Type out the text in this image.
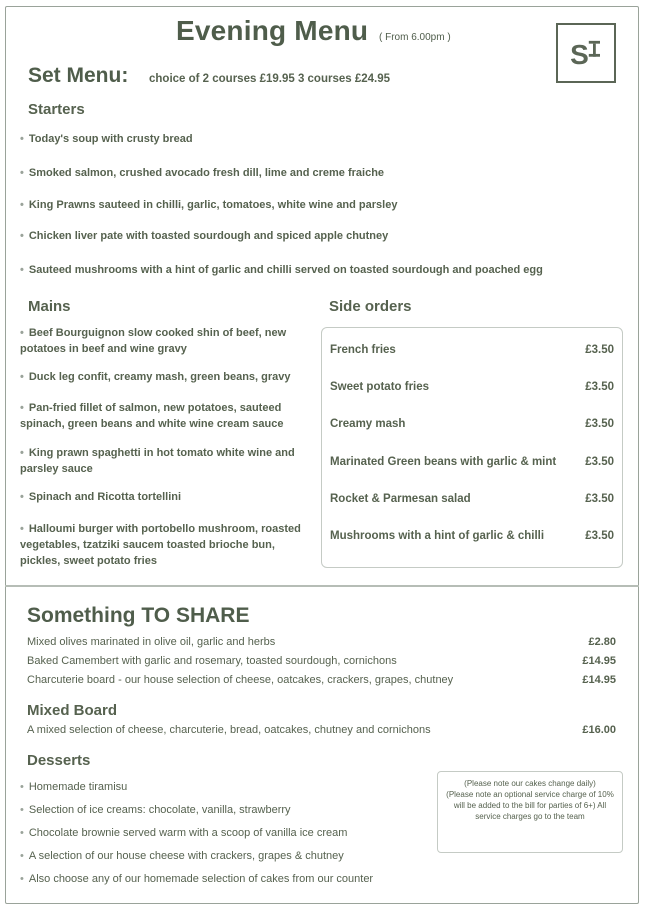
Evening Menu ( From 6.00pm )
S
Set Menu: choice of 2 courses £19.95 3 courses £24.95
Starters
• Today's soup with crusty bread
• Smoked salmon, crushed avocado fresh dill, lime and creme fraiche
• King Prawns sauteed in chilli, garlic, tomatoes, white wine and parsley
• Chicken liver pate with toasted sourdough and spiced apple chutney
• Sauteed mushrooms with a hint of garlic and chilli served on toasted sourdough and poached egg
Mains
• Beef Bourguignon slow cooked shin of beef, new potatoes in beef and wine gravy
• Duck leg confit, creamy mash, green beans, gravy
• Pan-fried fillet of salmon, new potatoes, sauteed spinach, green beans and white wine cream sauce
• King prawn spaghetti in hot tomato white wine and parsley sauce
• Spinach and Ricotta tortellini
• Halloumi burger with portobello mushroom, roasted vegetables, tzatziki saucem toasted brioche bun, pickles, sweet potato fries
Side orders
French fries	£3.50
Sweet potato fries	£3.50
Creamy mash	£3.50
Marinated Green beans with garlic & mint	£3.50
Rocket & Parmesan salad	£3.50
Mushrooms with a hint of garlic & chilli	£3.50
Something TO SHARE
Mixed olives marinated in olive oil, garlic and herbs	£2.80
Baked Camembert with garlic and rosemary, toasted sourdough, cornichons	£14.95
Charcuterie board - our house selection of cheese, oatcakes, crackers, grapes, chutney	£14.95
Mixed Board
A mixed selection of cheese, charcuterie, bread, oatcakes, chutney and cornichons	£16.00
Desserts
• Homemade tiramisu
• Selection of ice creams: chocolate, vanilla, strawberry
• Chocolate brownie served warm with a scoop of vanilla ice cream
• A selection of our house cheese with crackers, grapes & chutney
• Also choose any of our homemade selection of cakes from our counter
(Please note our cakes change daily)
(Please note an optional service charge of 10% will be added to the bill for parties of 6+) All service charges go to the team
